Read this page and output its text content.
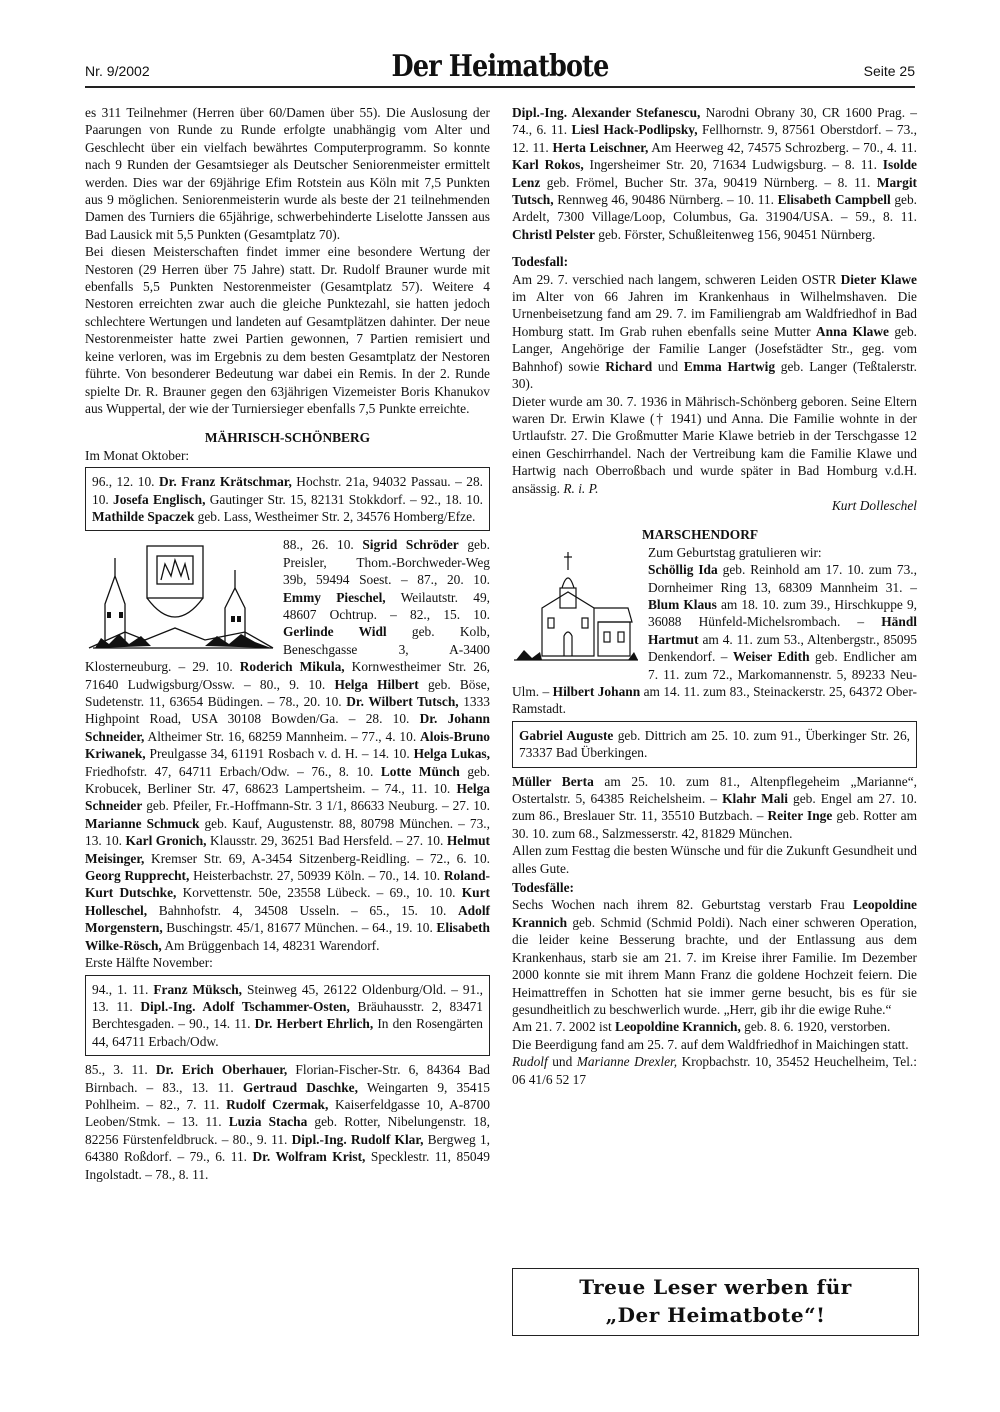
Nr. 9/2002	Der Heimatbote	Seite 25

es 311 Teilnehmer (Herren über 60/Damen über 55). Die Auslosung der Paarungen von Runde zu Runde erfolgte unabhängig vom Alter und Geschlecht über ein vielfach bewährtes Computerprogramm. So konnte nach 9 Runden der Gesamtsieger als Deutscher Seniorenmeister ermittelt werden. Dies war der 69jährige Efim Rotstein aus Köln mit 7,5 Punkten aus 9 möglichen. Seniorenmeisterin wurde als beste der 21 teilnehmenden Damen des Turniers die 65jährige, schwerbehinderte Liselotte Janssen aus Bad Lausick mit 5,5 Punkten (Gesamtplatz 70).

Bei diesen Meisterschaften findet immer eine besondere Wertung der Nestoren (29 Herren über 75 Jahre) statt. Dr. Rudolf Brauner wurde mit ebenfalls 5,5 Punkten Nestorenmeister (Gesamtplatz 57). Weitere 4 Nestoren erreichten zwar auch die gleiche Punktezahl, sie hatten jedoch schlechtere Wertungen und landeten auf Gesamtplätzen dahinter. Der neue Nestorenmeister hatte zwei Partien gewonnen, 7 Partien remisiert und keine verloren, was im Ergebnis zu dem besten Gesamtplatz der Nestoren führte. Von besonderer Bedeutung war dabei ein Remis. In der 2. Runde spielte Dr. R. Brauner gegen den 63jährigen Vizemeister Boris Khanukov aus Wuppertal, der wie der Turniersieger ebenfalls 7,5 Punkte erreichte.

MÄHRISCH-SCHÖNBERG

Im Monat Oktober:

96., 12. 10. Dr. Franz Krätschmar, Hochstr. 21a, 94032 Passau. – 28. 10. Josefa Englisch, Gautinger Str. 15, 82131 Stokkdorf. – 92., 18. 10. Mathilde Spaczek geb. Lass, Westheimer Str. 2, 34576 Homberg/Efze.

88., 26. 10. Sigrid Schröder geb. Preisler, Thom.-Borchweder-Weg 39b, 59494 Soest. – 87., 20. 10. Emmy Pieschel, Weilautstr. 49, 48607 Ochtrup. – 82., 15. 10. Gerlinde Widl geb. Kolb, Beneschgasse 3, A-3400 Klosterneuburg. – 29. 10. Roderich Mikula, Kornwestheimer Str. 26, 71640 Ludwigsburg/Ossw. – 80., 9. 10. Helga Hilbert geb. Böse, Sudetenstr. 11, 63654 Büdingen. – 78., 20. 10. Dr. Wilbert Tutsch, 1333 Highpoint Road, USA 30108 Bowden/Ga. – 28. 10. Dr. Johann Schneider, Altheimer Str. 16, 68259 Mannheim. – 77., 4. 10. Alois-Bruno Kriwanek, Preulgasse 34, 61191 Rosbach v. d. H. – 14. 10. Helga Lukas, Friedhofstr. 47, 64711 Erbach/Odw. – 76., 8. 10. Lotte Münch geb. Krobucek, Berliner Str. 47, 68623 Lampertsheim. – 74., 11. 10. Helga Schneider geb. Pfeiler, Fr.-Hoffmann-Str. 3 1/1, 86633 Neuburg. – 27. 10. Marianne Schmuck geb. Kauf, Augustenstr. 88, 80798 München. – 73., 13. 10. Karl Gronich, Klausstr. 29, 36251 Bad Hersfeld. – 27. 10. Helmut Meisinger, Kremser Str. 69, A-3454 Sitzenberg-Reidling. – 72., 6. 10. Georg Rupprecht, Heisterbachstr. 27, 50939 Köln. – 70., 14. 10. Roland-Kurt Dutschke, Korvettenstr. 50e, 23558 Lübeck. – 69., 10. 10. Kurt Holleschel, Bahnhofstr. 4, 34508 Usseln. – 65., 15. 10. Adolf Morgenstern, Buschingstr. 45/1, 81677 München. – 64., 19. 10. Elisabeth Wilke-Rösch, Am Brüggenbach 14, 48231 Warendorf.

Erste Hälfte November:

94., 1. 11. Franz Müksch, Steinweg 45, 26122 Oldenburg/Old. – 91., 13. 11. Dipl.-Ing. Adolf Tschammer-Osten, Bräuhausstr. 2, 83471 Berchtesgaden. – 90., 14. 11. Dr. Herbert Ehrlich, In den Rosengärten 44, 64711 Erbach/Odw.

85., 3. 11. Dr. Erich Oberhauer, Florian-Fischer-Str. 6, 84364 Bad Birnbach. – 83., 13. 11. Gertraud Daschke, Weingarten 9, 35415 Pohlheim. – 82., 7. 11. Rudolf Czermak, Kaiserfeldgasse 10, A-8700 Leoben/Stmk. – 13. 11. Luzia Stacha geb. Rotter, Nibelungenstr. 18, 82256 Fürstenfeldbruck. – 80., 9. 11. Dipl.-Ing. Rudolf Klar, Bergweg 1, 64380 Roßdorf. – 79., 6. 11. Dr. Wolfram Krist, Specklestr. 11, 85049 Ingolstadt. – 78., 8. 11.

Dipl.-Ing. Alexander Stefanescu, Narodni Obrany 30, CR 1600 Prag. – 74., 6. 11. Liesl Hack-Podlipsky, Fellhornstr. 9, 87561 Oberstdorf. – 73., 12. 11. Herta Leischner, Am Heerweg 42, 74575 Schrozberg. – 70., 4. 11. Karl Rokos, Ingersheimer Str. 20, 71634 Ludwigsburg. – 8. 11. Isolde Lenz geb. Frömel, Bucher Str. 37a, 90419 Nürnberg. – 8. 11. Margit Tutsch, Rennweg 46, 90486 Nürnberg. – 10. 11. Elisabeth Campbell geb. Ardelt, 7300 Village/Loop, Columbus, Ga. 31904/USA. – 59., 8. 11. Christl Pelster geb. Förster, Schußleitenweg 156, 90451 Nürnberg.

Todesfall:

Am 29. 7. verschied nach langem, schweren Leiden OSTR Dieter Klawe im Alter von 66 Jahren im Krankenhaus in Wilhelmshaven. Die Urnenbeisetzung fand am 29. 7. im Familiengrab am Waldfriedhof in Bad Homburg statt. Im Grab ruhen ebenfalls seine Mutter Anna Klawe geb. Langer, Angehörige der Familie Langer (Josefstädter Str., geg. vom Bahnhof) sowie Richard und Emma Hartwig geb. Langer (Teßtalerstr. 30).

Dieter wurde am 30. 7. 1936 in Mährisch-Schönberg geboren. Seine Eltern waren Dr. Erwin Klawe († 1941) und Anna. Die Familie wohnte in der Urtlaufstr. 27. Die Großmutter Marie Klawe betrieb in der Terschgasse 12 einen Geschirrhandel. Nach der Vertreibung kam die Familie Klawe und Hartwig nach Oberroßbach und wurde später in Bad Homburg v.d.H. ansässig. R. i. P.

Kurt Dolleschel

MARSCHENDORF

Zum Geburtstag gratulieren wir:
Schöllig Ida geb. Reinhold am 17. 10. zum 73., Dornheimer Ring 13, 68309 Mannheim 31. – Blum Klaus am 18. 10. zum 39., Hirschkuppe 9, 36088 Hünfeld-Michelsrombach. – Händl Hartmut am 4. 11. zum 53., Altenbergstr., 85095 Denkendorf. – Weiser Edith geb. Endlicher am 7. 11. zum 72., Markomannenstr. 5, 89233 Neu-Ulm. – Hilbert Johann am 14. 11. zum 83., Steinackerstr. 25, 64372 Ober-Ramstadt.

Gabriel Auguste geb. Dittrich am 25. 10. zum 91., Überkinger Str. 26, 73337 Bad Überkingen.

Müller Berta am 25. 10. zum 81., Altenpflegeheim „Marianne“, Ostertalstr. 5, 64385 Reichelsheim. – Klahr Mali geb. Engel am 27. 10. zum 86., Breslauer Str. 11, 35510 Butzbach. – Reiter Inge geb. Rotter am 30. 10. zum 68., Salzmesserstr. 42, 81829 München.

Allen zum Festtag die besten Wünsche und für die Zukunft Gesundheit und alles Gute.

Todesfälle:

Sechs Wochen nach ihrem 82. Geburtstag verstarb Frau Leopoldine Krannich geb. Schmid (Schmid Poldi). Nach einer schweren Operation, die leider keine Besserung brachte, und der Entlassung aus dem Krankenhaus, starb sie am 21. 7. im Kreise ihrer Familie. Im Dezember 2000 konnte sie mit ihrem Mann Franz die goldene Hochzeit feiern. Die Heimattreffen in Schotten hat sie immer gerne besucht, bis es für sie gesundheitlich zu beschwerlich wurde. „Herr, gib ihr die ewige Ruhe.“

Am 21. 7. 2002 ist Leopoldine Krannich, geb. 8. 6. 1920, verstorben.

Die Beerdigung fand am 25. 7. auf dem Waldfriedhof in Maichingen statt.

Rudolf und Marianne Drexler, Kropbachstr. 10, 35452 Heuchelheim, Tel.: 06 41/6 52 17

Treue Leser werben für
„Der Heimatbote“!
